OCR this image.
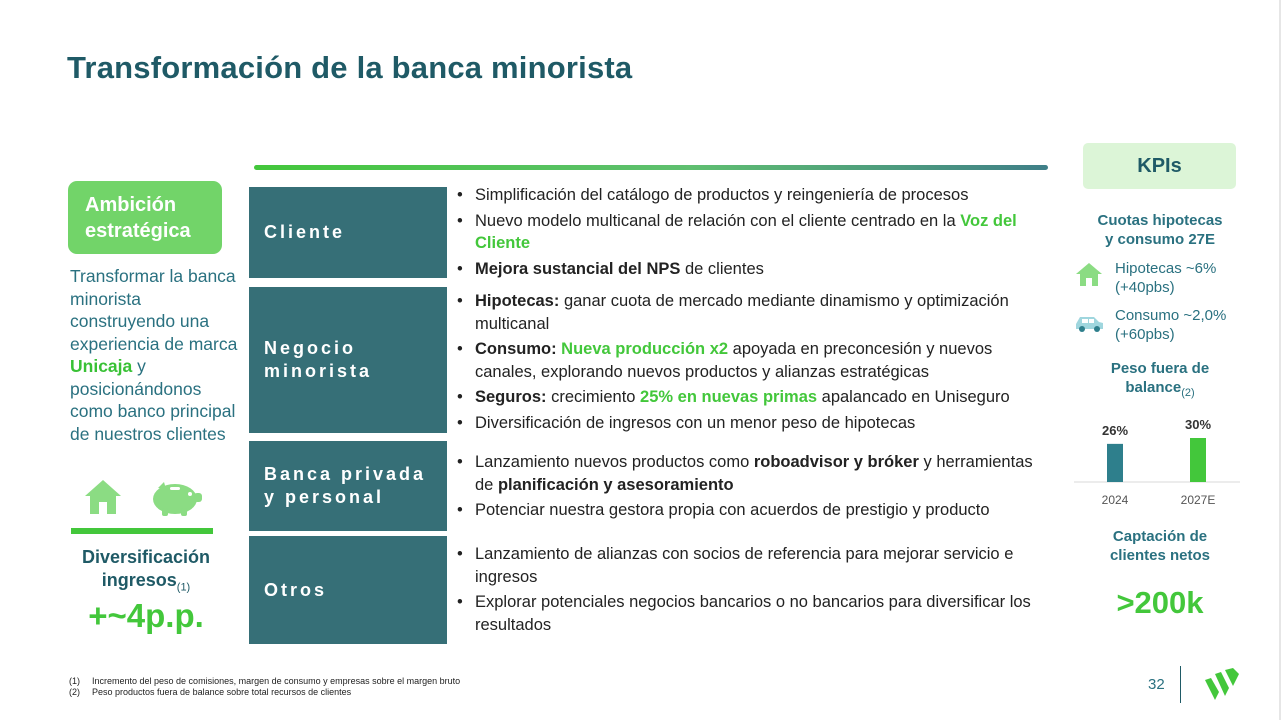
Transformación de la banca minorista
Ambición
estratégica

Transformar la banca minorista construyendo una experiencia de marca Unicaja y posicionándonos como banco principal de nuestros clientes

Diversificación
ingresos$_{(1)}$
+~4p.p.
Cliente
Negocio minorista
Banca privada y personal
Otros
• Simplificación del catálogo de productos y reingeniería de procesos
• Nuevo modelo multicanal de relación con el cliente centrado en la Voz del Cliente
• Mejora sustancial del NPS de clientes
• Hipotecas: ganar cuota de mercado mediante dinamismo y optimización multicanal
• Consumo: Nueva producción x2 apoyada en preconcesión y nuevos canales, explorando nuevos productos y alianzas estratégicas
• Seguros: crecimiento 25% en nuevas primas apalancado en Uniseguro
• Diversificación de ingresos con un menor peso de hipotecas
• Lanzamiento nuevos productos como roboadvisor y bróker y herramientas de planificación y asesoramiento
• Potenciar nuestra gestora propia con acuerdos de prestigio y producto
• Lanzamiento de alianzas con socios de referencia para mejorar servicio e ingresos
• Explorar potenciales negocios bancarios o no bancarios para diversificar los resultados
KPIs
Cuotas hipotecas
y consumo 27E
Hipotecas ~6%
(+40pbs)
Consumo ~2,0%
(+60pbs)
Peso fuera de
balance$_{(2)}$
26%
2024
30%
2027E
Captación de
clientes netos
>200k
(1)	Incremento del peso de comisiones, margen de consumo y empresas sobre el margen bruto
(2)	Peso productos fuera de balance sobre total recursos de clientes	32
